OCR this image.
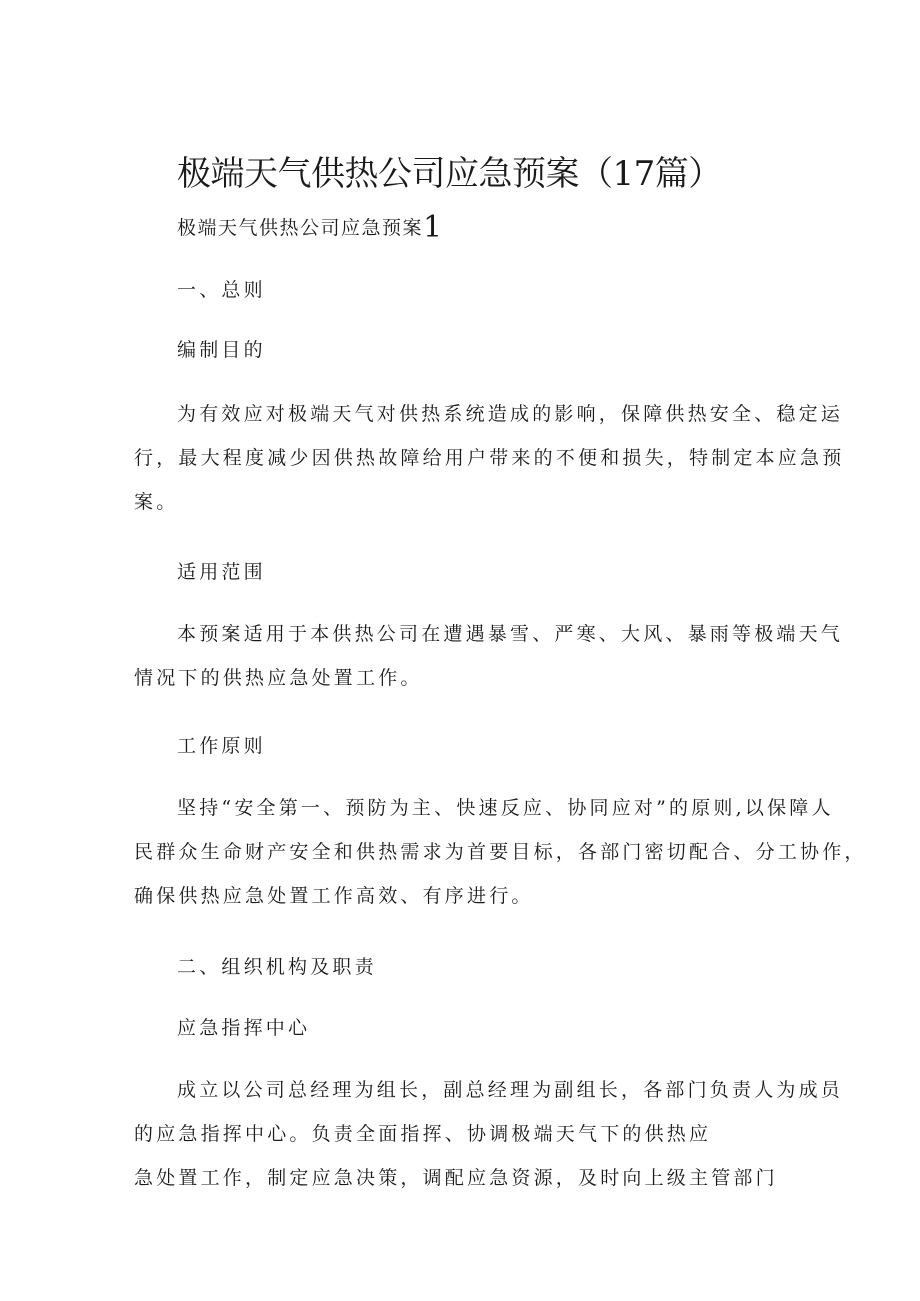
极端天气供热公司应急预案（17篇）
极端天气供热公司应急预案1
一、总则
编制目的
为有效应对极端天气对供热系统造成的影响，保障供热安全、稳定运
行，最大程度减少因供热故障给用户带来的不便和损失，特制定本应急预
案。
适用范围
本预案适用于本供热公司在遭遇暴雪、严寒、大风、暴雨等极端天气
情况下的供热应急处置工作。
工作原则
坚持“安全第一、预防为主、快速反应、协同应对”的原则,以保障人
民群众生命财产安全和供热需求为首要目标，各部门密切配合、分工协作，
确保供热应急处置工作高效、有序进行。
二、组织机构及职责
应急指挥中心
成立以公司总经理为组长，副总经理为副组长，各部门负责人为成员
的应急指挥中心。负责全面指挥、协调极端天气下的供热应
急处置工作，制定应急决策，调配应急资源，及时向上级主管部门
